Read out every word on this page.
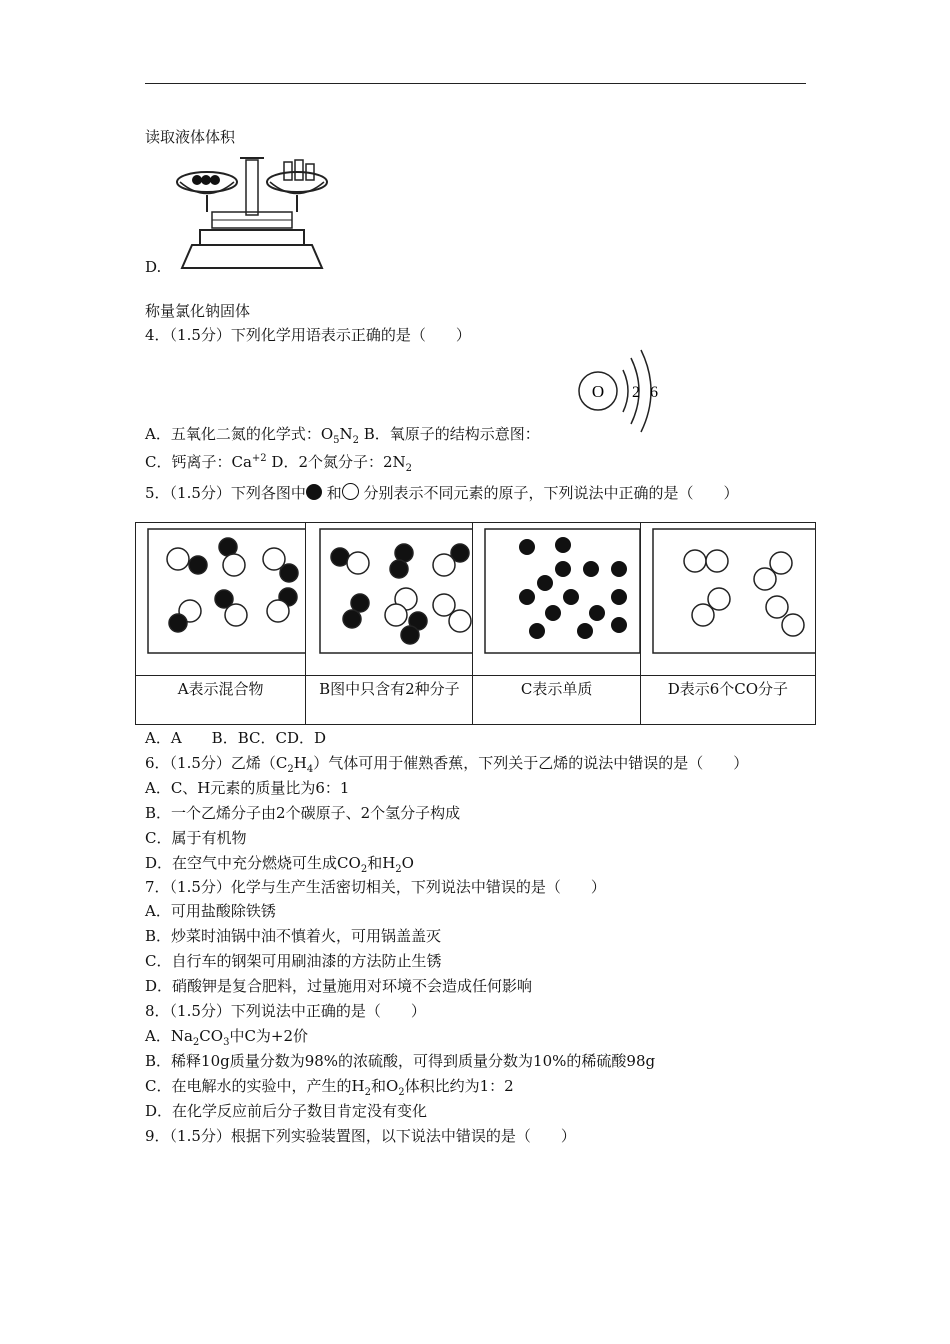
读取液体体积
D.
称量氯化钠固体
4．（1.5分）下列化学用语表示正确的是（　　）
O 2 6
A．五氧化二氮的化学式：$O_5N_2$ B．氧原子的结构示意图：
C．钙离子：$Ca^{+2}$ D．2个氮分子：$2N_2$
5．（1.5分）下列各图中 和 分别表示不同元素的原子，下列说法中正确的是（　　）

A表示混合物	B图中只含有2种分子	C表示单质	D表示6个CO分子
A．A　　B．BC．CD．D
6．（1.5分）乙烯$(C_2H_4)$气体可用于催熟香蕉，下列关于乙烯的说法中错误的是（　　）
A．C、H元素的质量比为6：1
B．一个乙烯分子由2个碳原子、2个氢分子构成
C．属于有机物
D．在空气中充分燃烧可生成$CO_2$和$H_2O$
7．（1.5分）化学与生产生活密切相关，下列说法中错误的是（　　）
A．可用盐酸除铁锈
B．炒菜时油锅中油不慎着火，可用锅盖盖灭
C．自行车的钢架可用刷油漆的方法防止生锈
D．硝酸钾是复合肥料，过量施用对环境不会造成任何影响
8．（1.5分）下列说法中正确的是（　　）
A．$Na_2CO_3$中C为+2价
B．稀释10g质量分数为98%的浓硫酸，可得到质量分数为10%的稀硫酸98g
C．在电解水的实验中，产生的$H_2$和$O_2$体积比约为1：2
D．在化学反应前后分子数目肯定没有变化
9．（1.5分）根据下列实验装置图，以下说法中错误的是（　　）
